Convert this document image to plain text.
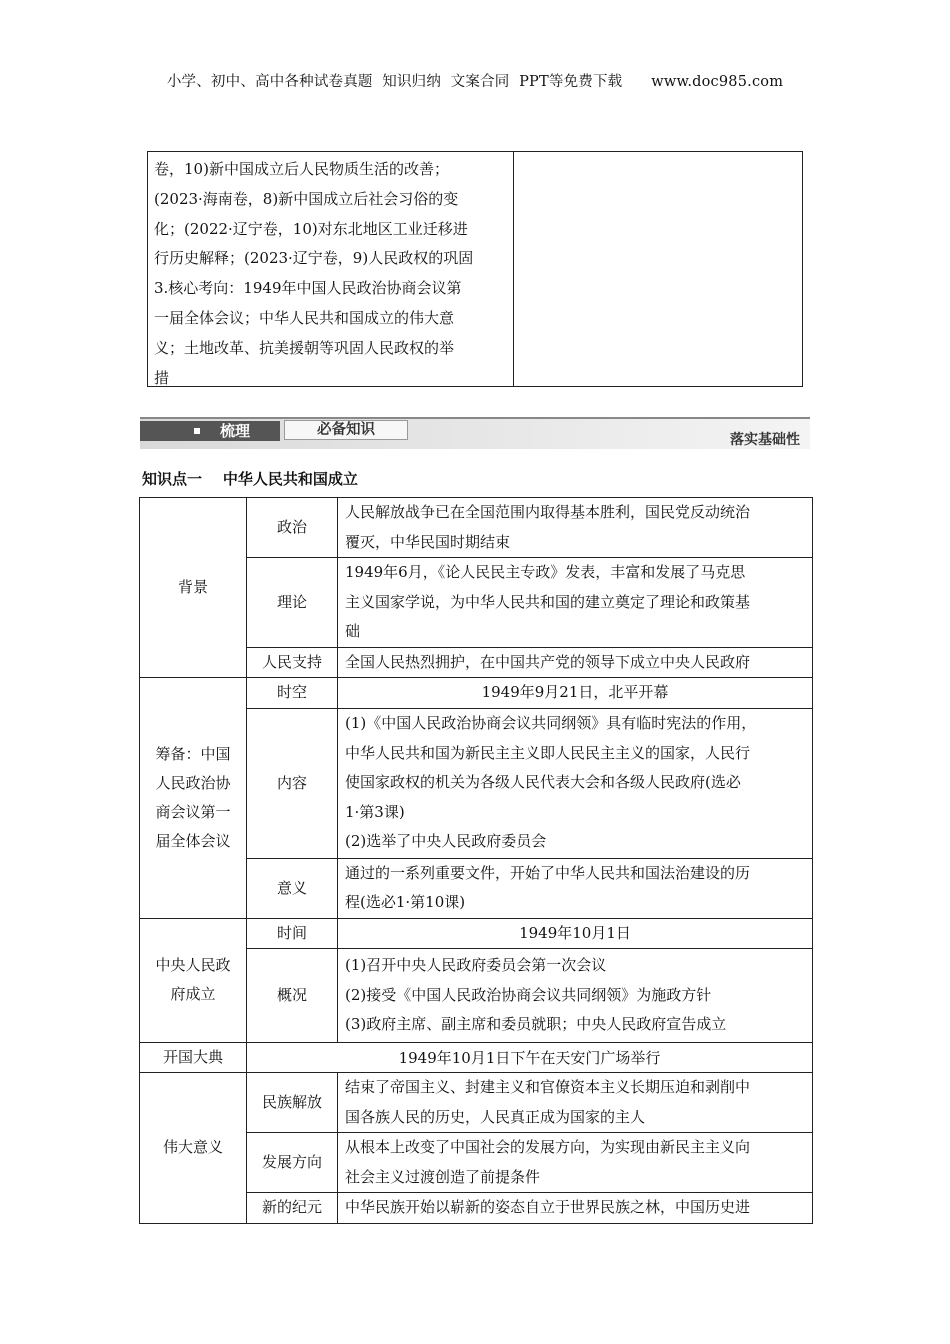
小学、初中、高中各种试卷真题  知识归纳  文案合同  PPT等免费下载      www.doc985.com
卷，10)新中国成立后人民物质生活的改善；
(2023·海南卷，8)新中国成立后社会习俗的变
化；(2022·辽宁卷，10)对东北地区工业迁移进
行历史解释；(2023·辽宁卷，9)人民政权的巩固
3.核心考向：1949年中国人民政治协商会议第
一届全体会议；中华人民共和国成立的伟大意
义；土地改革、抗美援朝等巩固人民政权的举
措
梳理	必备知识
落实基础性
知识点一    中华人民共和国成立
背景	政治	人民解放战争已在全国范围内取得基本胜利，国民党反动统治
覆灭，中华民国时期结束

	理论	1949年6月，《论人民民主专政》发表，丰富和发展了马克思
主义国家学说，为中华人民共和国的建立奠定了理论和政策基
础

	人民支持	全国人民热烈拥护，在中国共产党的领导下成立中央人民政府

筹备：中国
人民政治协
商会议第一
届全体会议	时空	1949年9月21日，北平开幕
	内容	(1)《中国人民政治协商会议共同纲领》具有临时宪法的作用，
中华人民共和国为新民主主义即人民民主主义的国家，人民行
使国家政权的机关为各级人民代表大会和各级人民政府(选必
1·第3课)
(2)选举了中央人民政府委员会

	意义	通过的一系列重要文件，开始了中华人民共和国法治建设的历
程(选必1·第10课)

中央人民政
府成立	时间	1949年10月1日
	概况	(1)召开中央人民政府委员会第一次会议
(2)接受《中国人民政治协商会议共同纲领》为施政方针
(3)政府主席、副主席和委员就职；中央人民政府宣告成立

开国大典	1949年10月1日下午在天安门广场举行	
伟大意义	民族解放	结束了帝国主义、封建主义和官僚资本主义长期压迫和剥削中
国各族人民的历史，人民真正成为国家的主人

	发展方向	从根本上改变了中国社会的发展方向，为实现由新民主主义向
社会主义过渡创造了前提条件

	新的纪元	中华民族开始以崭新的姿态自立于世界民族之林，中国历史进
